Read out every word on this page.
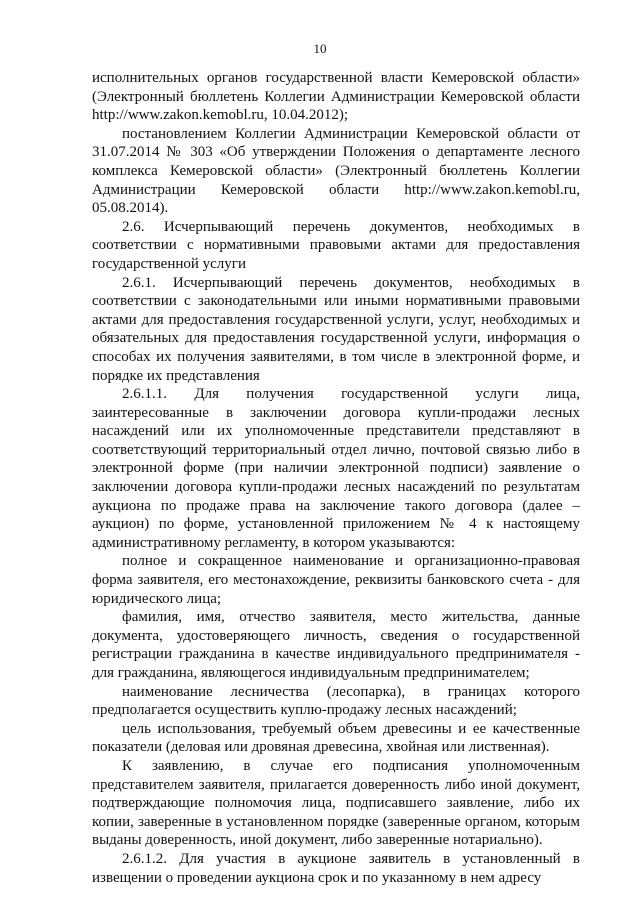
10

исполнительных органов государственной власти Кемеровской области» (Электронный бюллетень Коллегии Администрации Кемеровской области http://www.zakon.kemobl.ru, 10.04.2012);

постановлением Коллегии Администрации Кемеровской области от 31.07.2014 № 303 «Об утверждении Положения о департаменте лесного комплекса Кемеровской области» (Электронный бюллетень Коллегии Администрации Кемеровской области http://www.zakon.kemobl.ru, 05.08.2014).

2.6. Исчерпывающий перечень документов, необходимых в соответствии с нормативными правовыми актами для предоставления государственной услуги

2.6.1. Исчерпывающий перечень документов, необходимых в соответствии с законодательными или иными нормативными правовыми актами для предоставления государственной услуги, услуг, необходимых и обязательных для предоставления государственной услуги, информация о способах их получения заявителями, в том числе в электронной форме, и порядке их представления

2.6.1.1. Для получения государственной услуги лица, заинтересованные в заключении договора купли-продажи лесных насаждений или их уполномоченные представители представляют в соответствующий территориальный отдел лично, почтовой связью либо в электронной форме (при наличии электронной подписи) заявление о заключении договора купли-продажи лесных насаждений по результатам аукциона по продаже права на заключение такого договора (далее – аукцион) по форме, установленной приложением № 4 к настоящему административному регламенту, в котором указываются:

полное и сокращенное наименование и организационно-правовая форма заявителя, его местонахождение, реквизиты банковского счета - для юридического лица;

фамилия, имя, отчество заявителя, место жительства, данные документа, удостоверяющего личность, сведения о государственной регистрации гражданина в качестве индивидуального предпринимателя - для гражданина, являющегося индивидуальным предпринимателем;

наименование лесничества (лесопарка), в границах которого предполагается осуществить куплю-продажу лесных насаждений;

цель использования, требуемый объем древесины и ее качественные показатели (деловая или дровяная древесина, хвойная или лиственная).

К заявлению, в случае его подписания уполномоченным представителем заявителя, прилагается доверенность либо иной документ, подтверждающие полномочия лица, подписавшего заявление, либо их копии, заверенные в установленном порядке (заверенные органом, которым выданы доверенность, иной документ, либо заверенные нотариально).

2.6.1.2. Для участия в аукционе заявитель в установленный в извещении о проведении аукциона срок и по указанному в нем адресу
